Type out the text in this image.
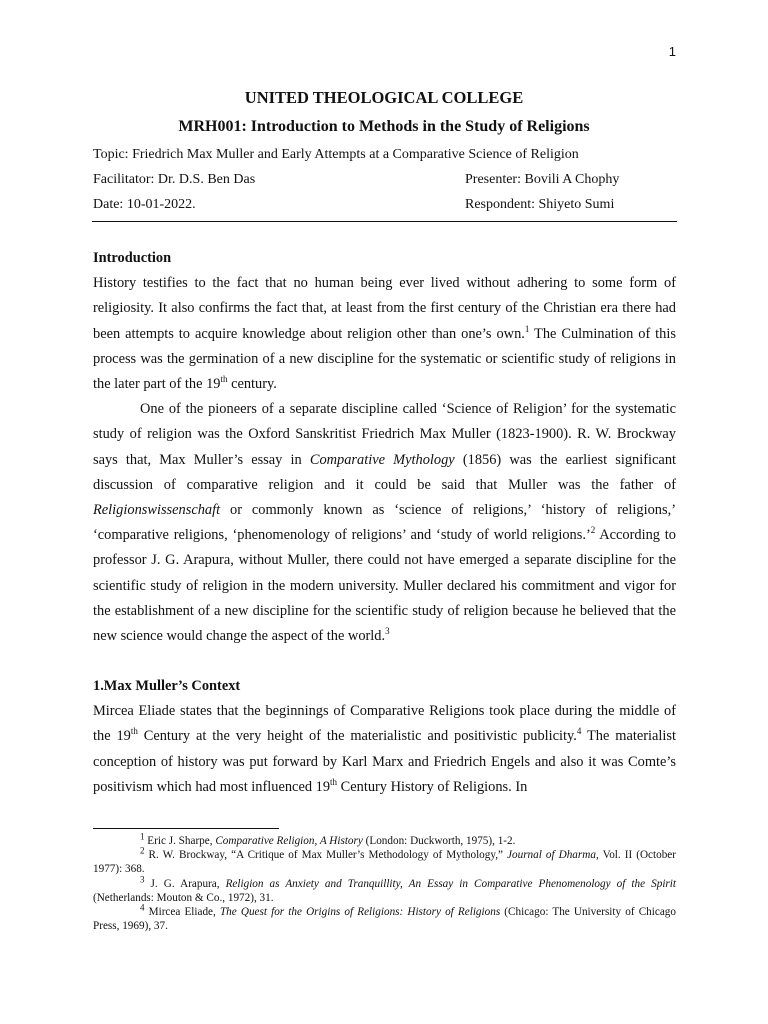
1
UNITED THEOLOGICAL COLLEGE
MRH001: Introduction to Methods in the Study of Religions
Topic: Friedrich Max Muller and Early Attempts at a Comparative Science of Religion
Facilitator: Dr. D.S. Ben Das	Presenter: Bovili A Chophy
Date: 10-01-2022.	Respondent: Shiyeto Sumi

Introduction

History testifies to the fact that no human being ever lived without adhering to some form of religiosity. It also confirms the fact that, at least from the first century of the Christian era there had been attempts to acquire knowledge about religion other than one’s own.$^1$ The Culmination of this process was the germination of a new discipline for the systematic or scientific study of religions in the later part of the 19th century.

One of the pioneers of a separate discipline called ‘Science of Religion’ for the systematic study of religion was the Oxford Sanskritist Friedrich Max Muller (1823-1900). R. W. Brockway says that, Max Muller’s essay in Comparative Mythology (1856) was the earliest significant discussion of comparative religion and it could be said that Muller was the father of Religionswissenschaft or commonly known as ‘science of religions,’ ‘history of religions,’ ‘comparative religions, ‘phenomenology of religions’ and ‘study of world religions.’$^2$ According to professor J. G. Arapura, without Muller, there could not have emerged a separate discipline for the scientific study of religion in the modern university. Muller declared his commitment and vigor for the establishment of a new discipline for the scientific study of religion because he believed that the new science would change the aspect of the world.$^3$

1.Max Muller’s Context

Mircea Eliade states that the beginnings of Comparative Religions took place during the middle of the 19th Century at the very height of the materialistic and positivistic publicity.$^4$ The materialist conception of history was put forward by Karl Marx and Friedrich Engels and also it was Comte’s positivism which had most influenced 19th Century History of Religions. In

$^1$ Eric J. Sharpe, Comparative Religion, A History (London: Duckworth, 1975), 1-2.

$^2$ R. W. Brockway, “A Critique of Max Muller’s Methodology of Mythology,” Journal of Dharma, Vol. II (October 1977): 368.

$^3$ J. G. Arapura, Religion as Anxiety and Tranquillity, An Essay in Comparative Phenomenology of the Spirit (Netherlands: Mouton & Co., 1972), 31.

$^4$ Mircea Eliade, The Quest for the Origins of Religions: History of Religions (Chicago: The University of Chicago Press, 1969), 37.
